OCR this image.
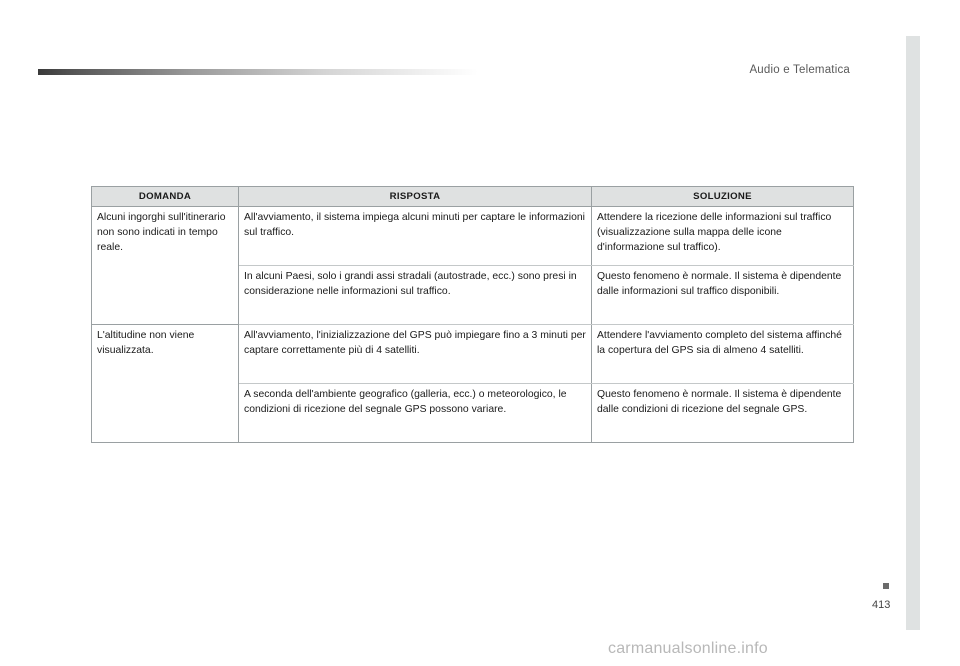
Audio e Telematica
DOMANDA	RISPOSTA	SOLUZIONE
Alcuni ingorghi sull'itinerario non sono indicati in tempo reale.	All'avviamento, il sistema impiega alcuni minuti per captare le informazioni sul traffico.	Attendere la ricezione delle informazioni sul traffico (visualizzazione sulla mappa delle icone d'informazione sul traffico).
	In alcuni Paesi, solo i grandi assi stradali (autostrade, ecc.) sono presi in considerazione nelle informazioni sul traffico.	Questo fenomeno è normale. Il sistema è dipendente dalle informazioni sul traffico disponibili.
L'altitudine non viene visualizzata.	All'avviamento, l'inizializzazione del GPS può impiegare fino a 3 minuti per captare correttamente più di 4 satelliti.	Attendere l'avviamento completo del sistema affinché la copertura del GPS sia di almeno 4 satelliti.
	A seconda dell'ambiente geografico (galleria, ecc.) o meteorologico, le condizioni di ricezione del segnale GPS possono variare.	Questo fenomeno è normale. Il sistema è dipendente dalle condizioni di ricezione del segnale GPS.
413
carmanualsonline.info
